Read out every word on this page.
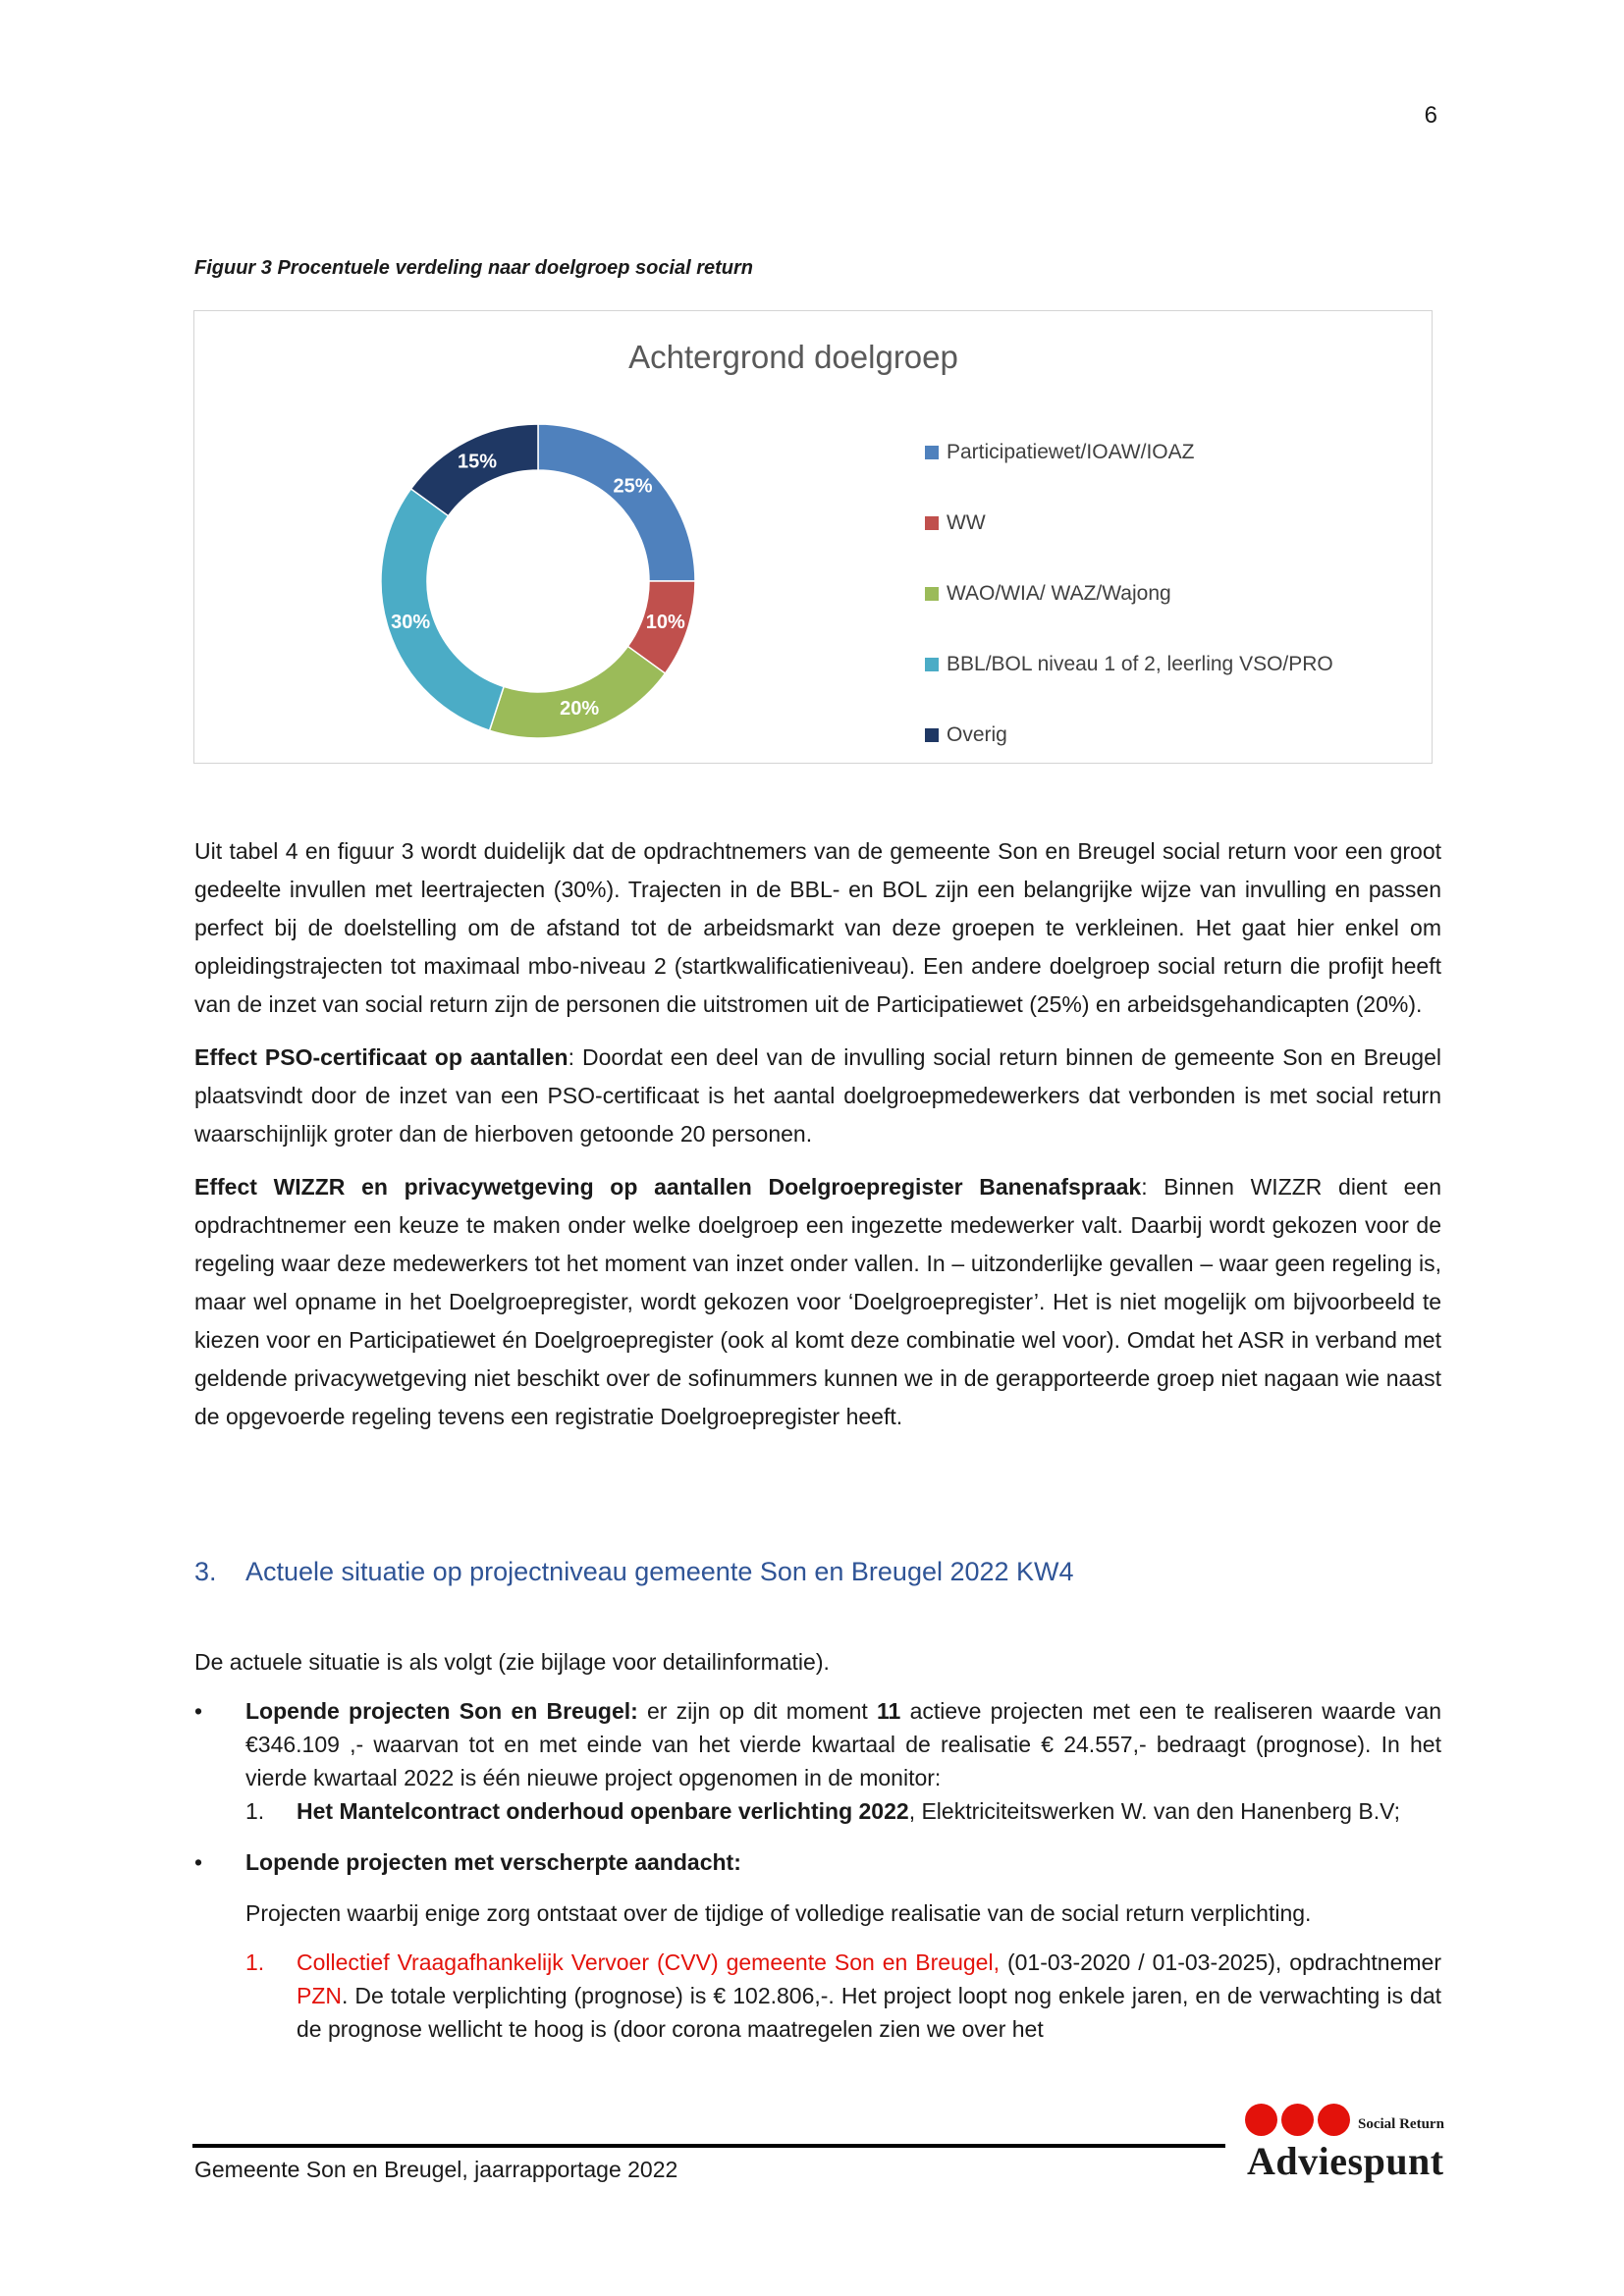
6
Figuur 3 Procentuele verdeling naar doelgroep social return
Achtergrond doelgroep
25%
10%
20%
30%
15%	Participatiewet/IOAW/IOAZ
WW
WAO/WIA/ WAZ/Wajong
BBL/BOL niveau 1 of 2, leerling VSO/PRO
Overig

Uit tabel 4 en figuur 3 wordt duidelijk dat de opdrachtnemers van de gemeente Son en Breugel social return voor een groot gedeelte invullen met leertrajecten (30%). Trajecten in de BBL- en BOL zijn een belangrijke wijze van invulling en passen perfect bij de doelstelling om de afstand tot de arbeidsmarkt van deze groepen te verkleinen. Het gaat hier enkel om opleidingstrajecten tot maximaal mbo-niveau 2 (startkwalificatieniveau). Een andere doelgroep social return die profijt heeft van de inzet van social return zijn de personen die uitstromen uit de Participatiewet (25%) en arbeidsgehandicapten (20%).

Effect PSO-certificaat op aantallen: Doordat een deel van de invulling social return binnen de gemeente Son en Breugel plaatsvindt door de inzet van een PSO-certificaat is het aantal doelgroepmedewerkers dat verbonden is met social return waarschijnlijk groter dan de hierboven getoonde 20 personen.

Effect WIZZR en privacywetgeving op aantallen Doelgroepregister Banenafspraak: Binnen WIZZR dient een opdrachtnemer een keuze te maken onder welke doelgroep een ingezette medewerker valt. Daarbij wordt gekozen voor de regeling waar deze medewerkers tot het moment van inzet onder vallen. In – uitzonderlijke gevallen – waar geen regeling is, maar wel opname in het Doelgroepregister, wordt gekozen voor ‘Doelgroepregister’. Het is niet mogelijk om bijvoorbeeld te kiezen voor en Participatiewet én Doelgroepregister (ook al komt deze combinatie wel voor). Omdat het ASR in verband met geldende privacywetgeving niet beschikt over de sofinummers kunnen we in de gerapporteerde groep niet nagaan wie naast de opgevoerde regeling tevens een registratie Doelgroepregister heeft.

3. Actuele situatie op projectniveau gemeente Son en Breugel 2022 KW4

De actuele situatie is als volgt (zie bijlage voor detailinformatie).

• Lopende projecten Son en Breugel: er zijn op dit moment 11 actieve projecten met een te realiseren waarde van €346.109 ,- waarvan tot en met einde van het vierde kwartaal de realisatie € 24.557,- bedraagt (prognose). In het vierde kwartaal 2022 is één nieuwe project opgenomen in de monitor:
1. Het Mantelcontract onderhoud openbare verlichting 2022, Elektriciteitswerken W. van den Hanenberg B.V;
• Lopende projecten met verscherpte aandacht:

Projecten waarbij enige zorg ontstaat over de tijdige of volledige realisatie van de social return verplichting.

1. Collectief Vraagafhankelijk Vervoer (CVV) gemeente Son en Breugel, (01-03-2020 / 01-03-2025), opdrachtnemer PZN. De totale verplichting (prognose) is € 102.806,-. Het project loopt nog enkele jaren, en de verwachting is dat de prognose wellicht te hoog is (door corona maatregelen zien we over het
Gemeente Son en Breugel, jaarrapportage 2022
Social Return
Adviespunt
